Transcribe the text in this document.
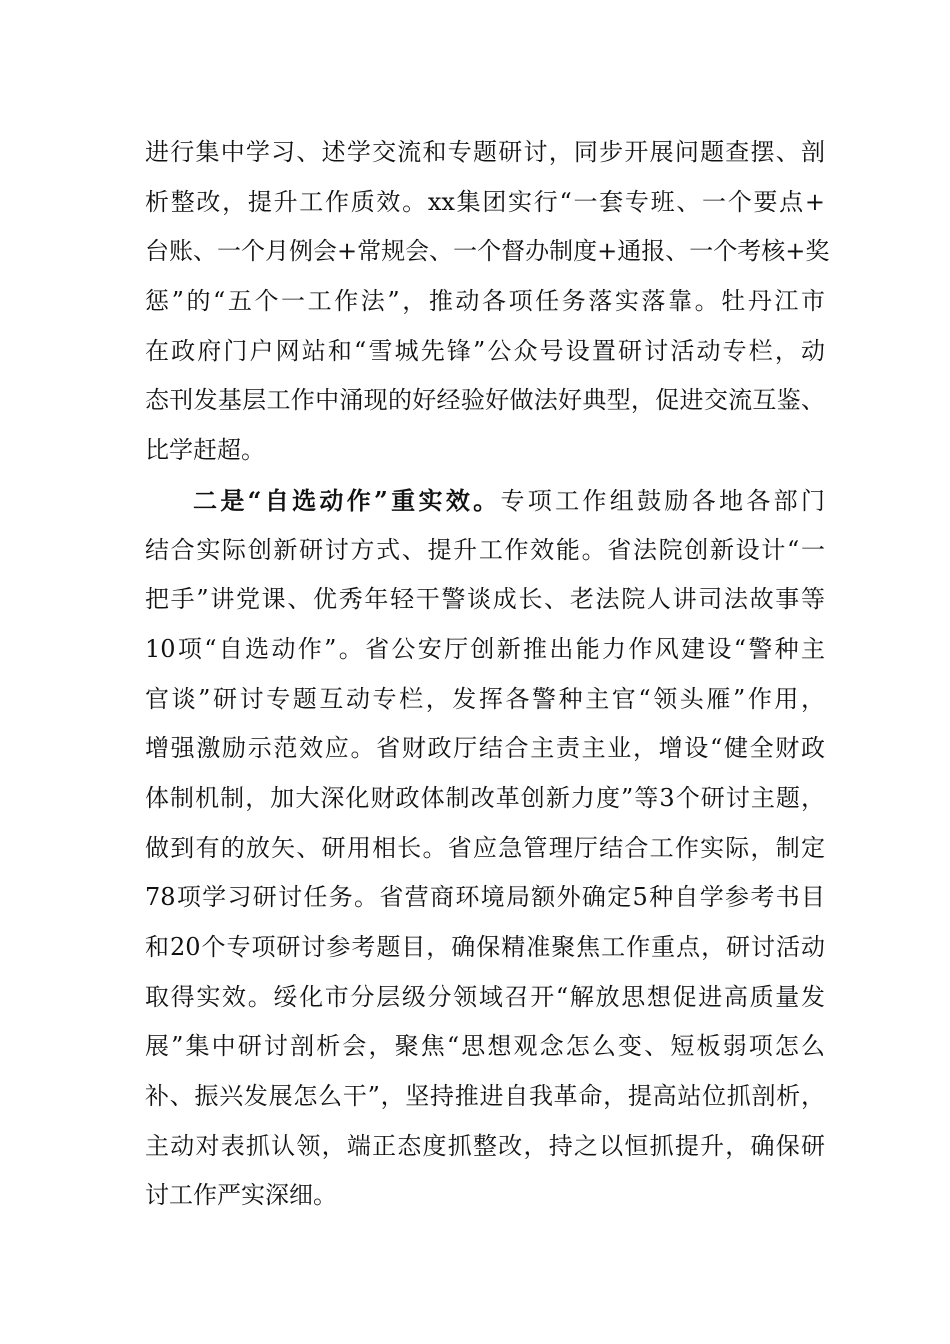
进行集中学习、述学交流和专题研讨，同步开展问题查摆、剖
析整改，提升工作质效。xx集团实行“一套专班、一个要点+
台账、一个月例会+常规会、一个督办制度+通报、一个考核+奖
惩”的“五个一工作法”，推动各项任务落实落靠。牡丹江市
在政府门户网站和“雪城先锋”公众号设置研讨活动专栏，动
态刊发基层工作中涌现的好经验好做法好典型，促进交流互鉴、
比学赶超。
二是“自选动作”重实效。专项工作组鼓励各地各部门
结合实际创新研讨方式、提升工作效能。省法院创新设计“一
把手”讲党课、优秀年轻干警谈成长、老法院人讲司法故事等
10项“自选动作”。省公安厅创新推出能力作风建设“警种主
官谈”研讨专题互动专栏，发挥各警种主官“领头雁”作用，
增强激励示范效应。省财政厅结合主责主业，增设“健全财政
体制机制，加大深化财政体制改革创新力度”等3个研讨主题，
做到有的放矢、研用相长。省应急管理厅结合工作实际，制定
78项学习研讨任务。省营商环境局额外确定5种自学参考书目
和20个专项研讨参考题目，确保精准聚焦工作重点，研讨活动
取得实效。绥化市分层级分领域召开“解放思想促进高质量发
展”集中研讨剖析会，聚焦“思想观念怎么变、短板弱项怎么
补、振兴发展怎么干”，坚持推进自我革命，提高站位抓剖析，
主动对表抓认领，端正态度抓整改，持之以恒抓提升，确保研
讨工作严实深细。
